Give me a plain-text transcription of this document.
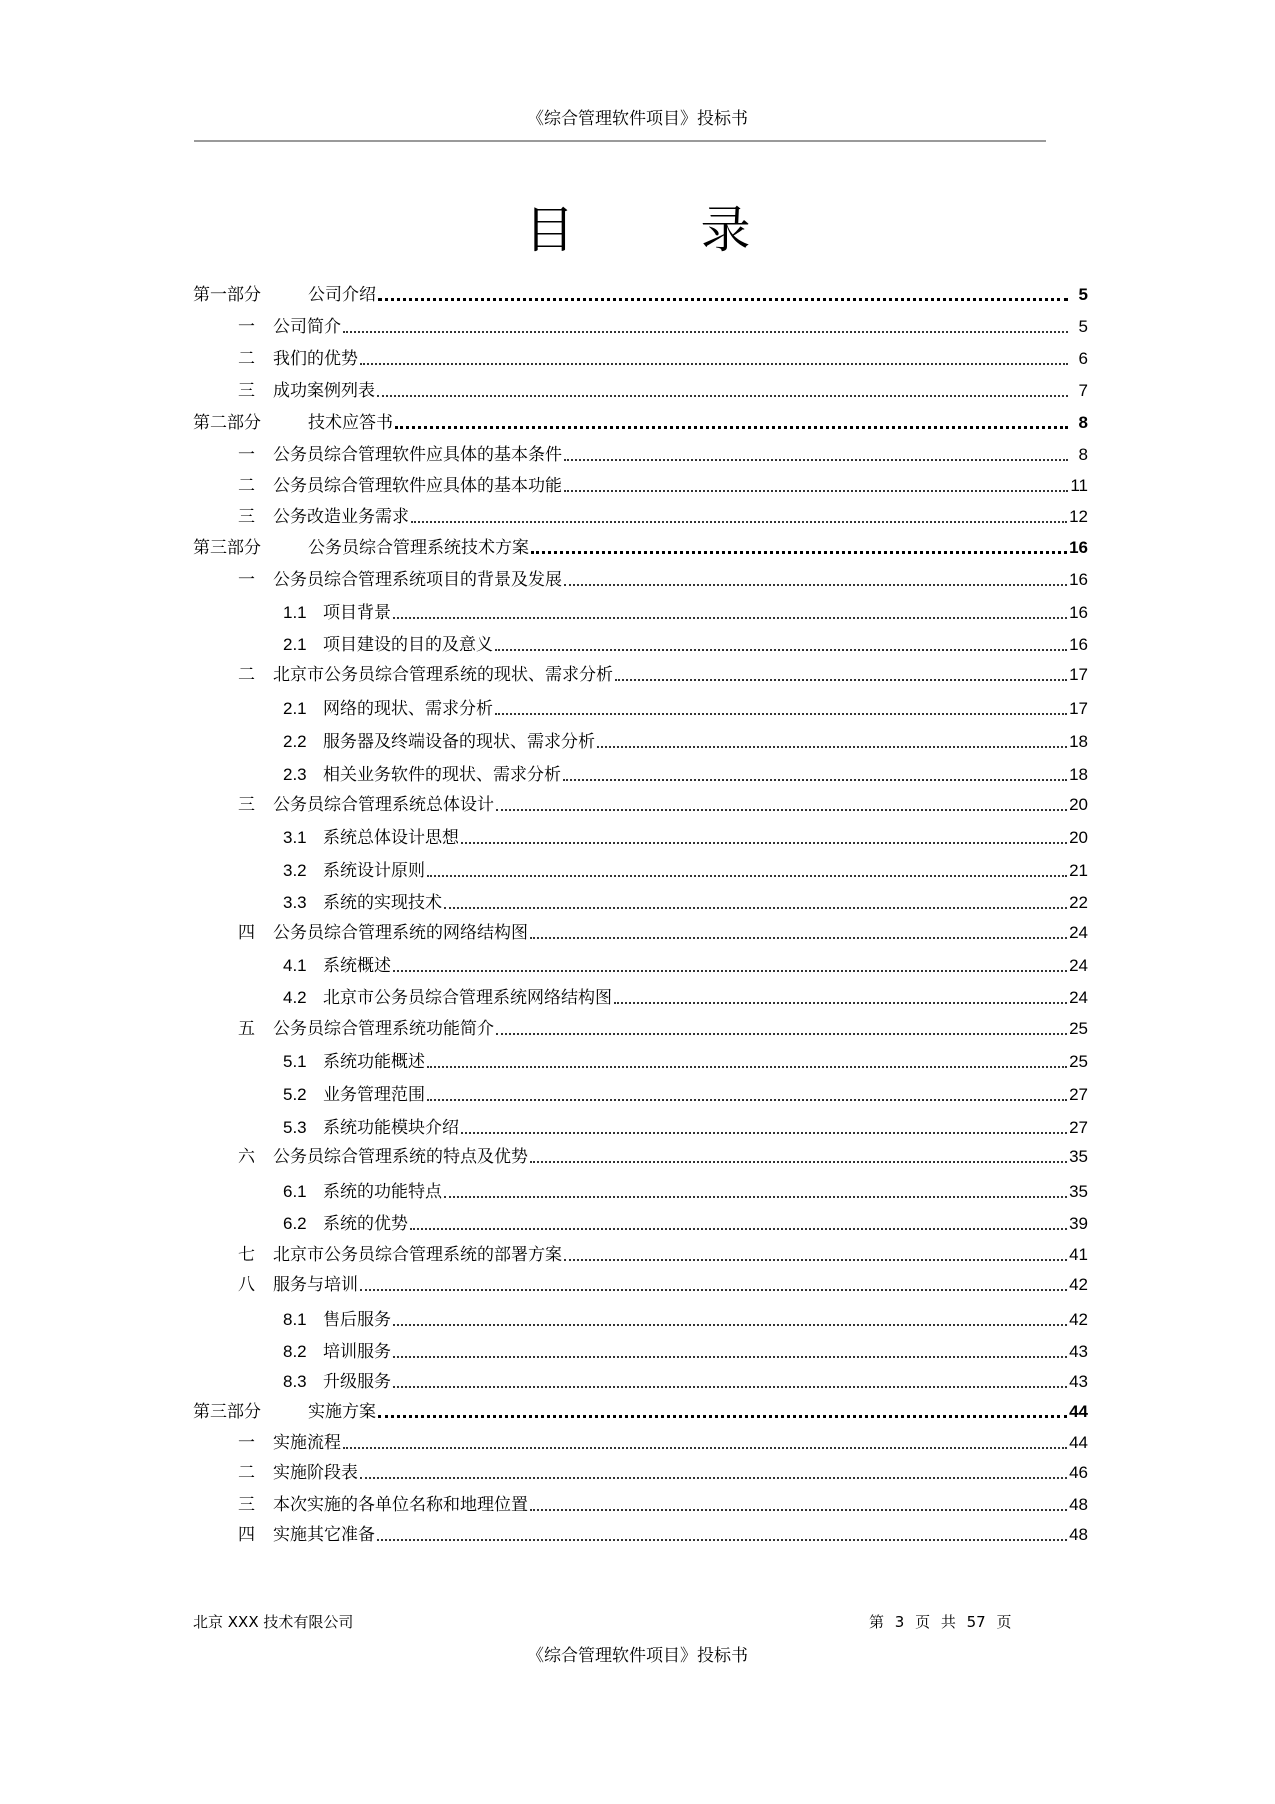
《综合管理软件项目》投标书
目 录
第一部分	公司介绍	5
一	公司简介	5
二	我们的优势	6
三	成功案例列表	7
第二部分	技术应答书	8
一	公务员综合管理软件应具体的基本条件	8
二	公务员综合管理软件应具体的基本功能	11
三	公务改造业务需求	12
第三部分	公务员综合管理系统技术方案	16
一	公务员综合管理系统项目的背景及发展	16
1.1 项目背景	16
2.1 项目建设的目的及意义	16
二	北京市公务员综合管理系统的现状、需求分析	17
2.1 网络的现状、需求分析	17
2.2 服务器及终端设备的现状、需求分析	18
2.3 相关业务软件的现状、需求分析	18
三	公务员综合管理系统总体设计	20
3.1 系统总体设计思想	20
3.2 系统设计原则	21
3.3 系统的实现技术	22
四	公务员综合管理系统的网络结构图	24
4.1 系统概述	24
4.2 北京市公务员综合管理系统网络结构图	24
五	公务员综合管理系统功能简介	25
5.1 系统功能概述	25
5.2 业务管理范围	27
5.3 系统功能模块介绍	27
六	公务员综合管理系统的特点及优势	35
6.1 系统的功能特点	35
6.2 系统的优势	39
七	北京市公务员综合管理系统的部署方案	41
八	服务与培训	42
8.1 售后服务	42
8.2 培训服务	43
8.3 升级服务	43
第三部分	实施方案	44
一	实施流程	44
二	实施阶段表	46
三	本次实施的各单位名称和地理位置	48
四	实施其它准备	48
北京 XXX 技术有限公司	第 3 页 共 57 页
《综合管理软件项目》投标书
